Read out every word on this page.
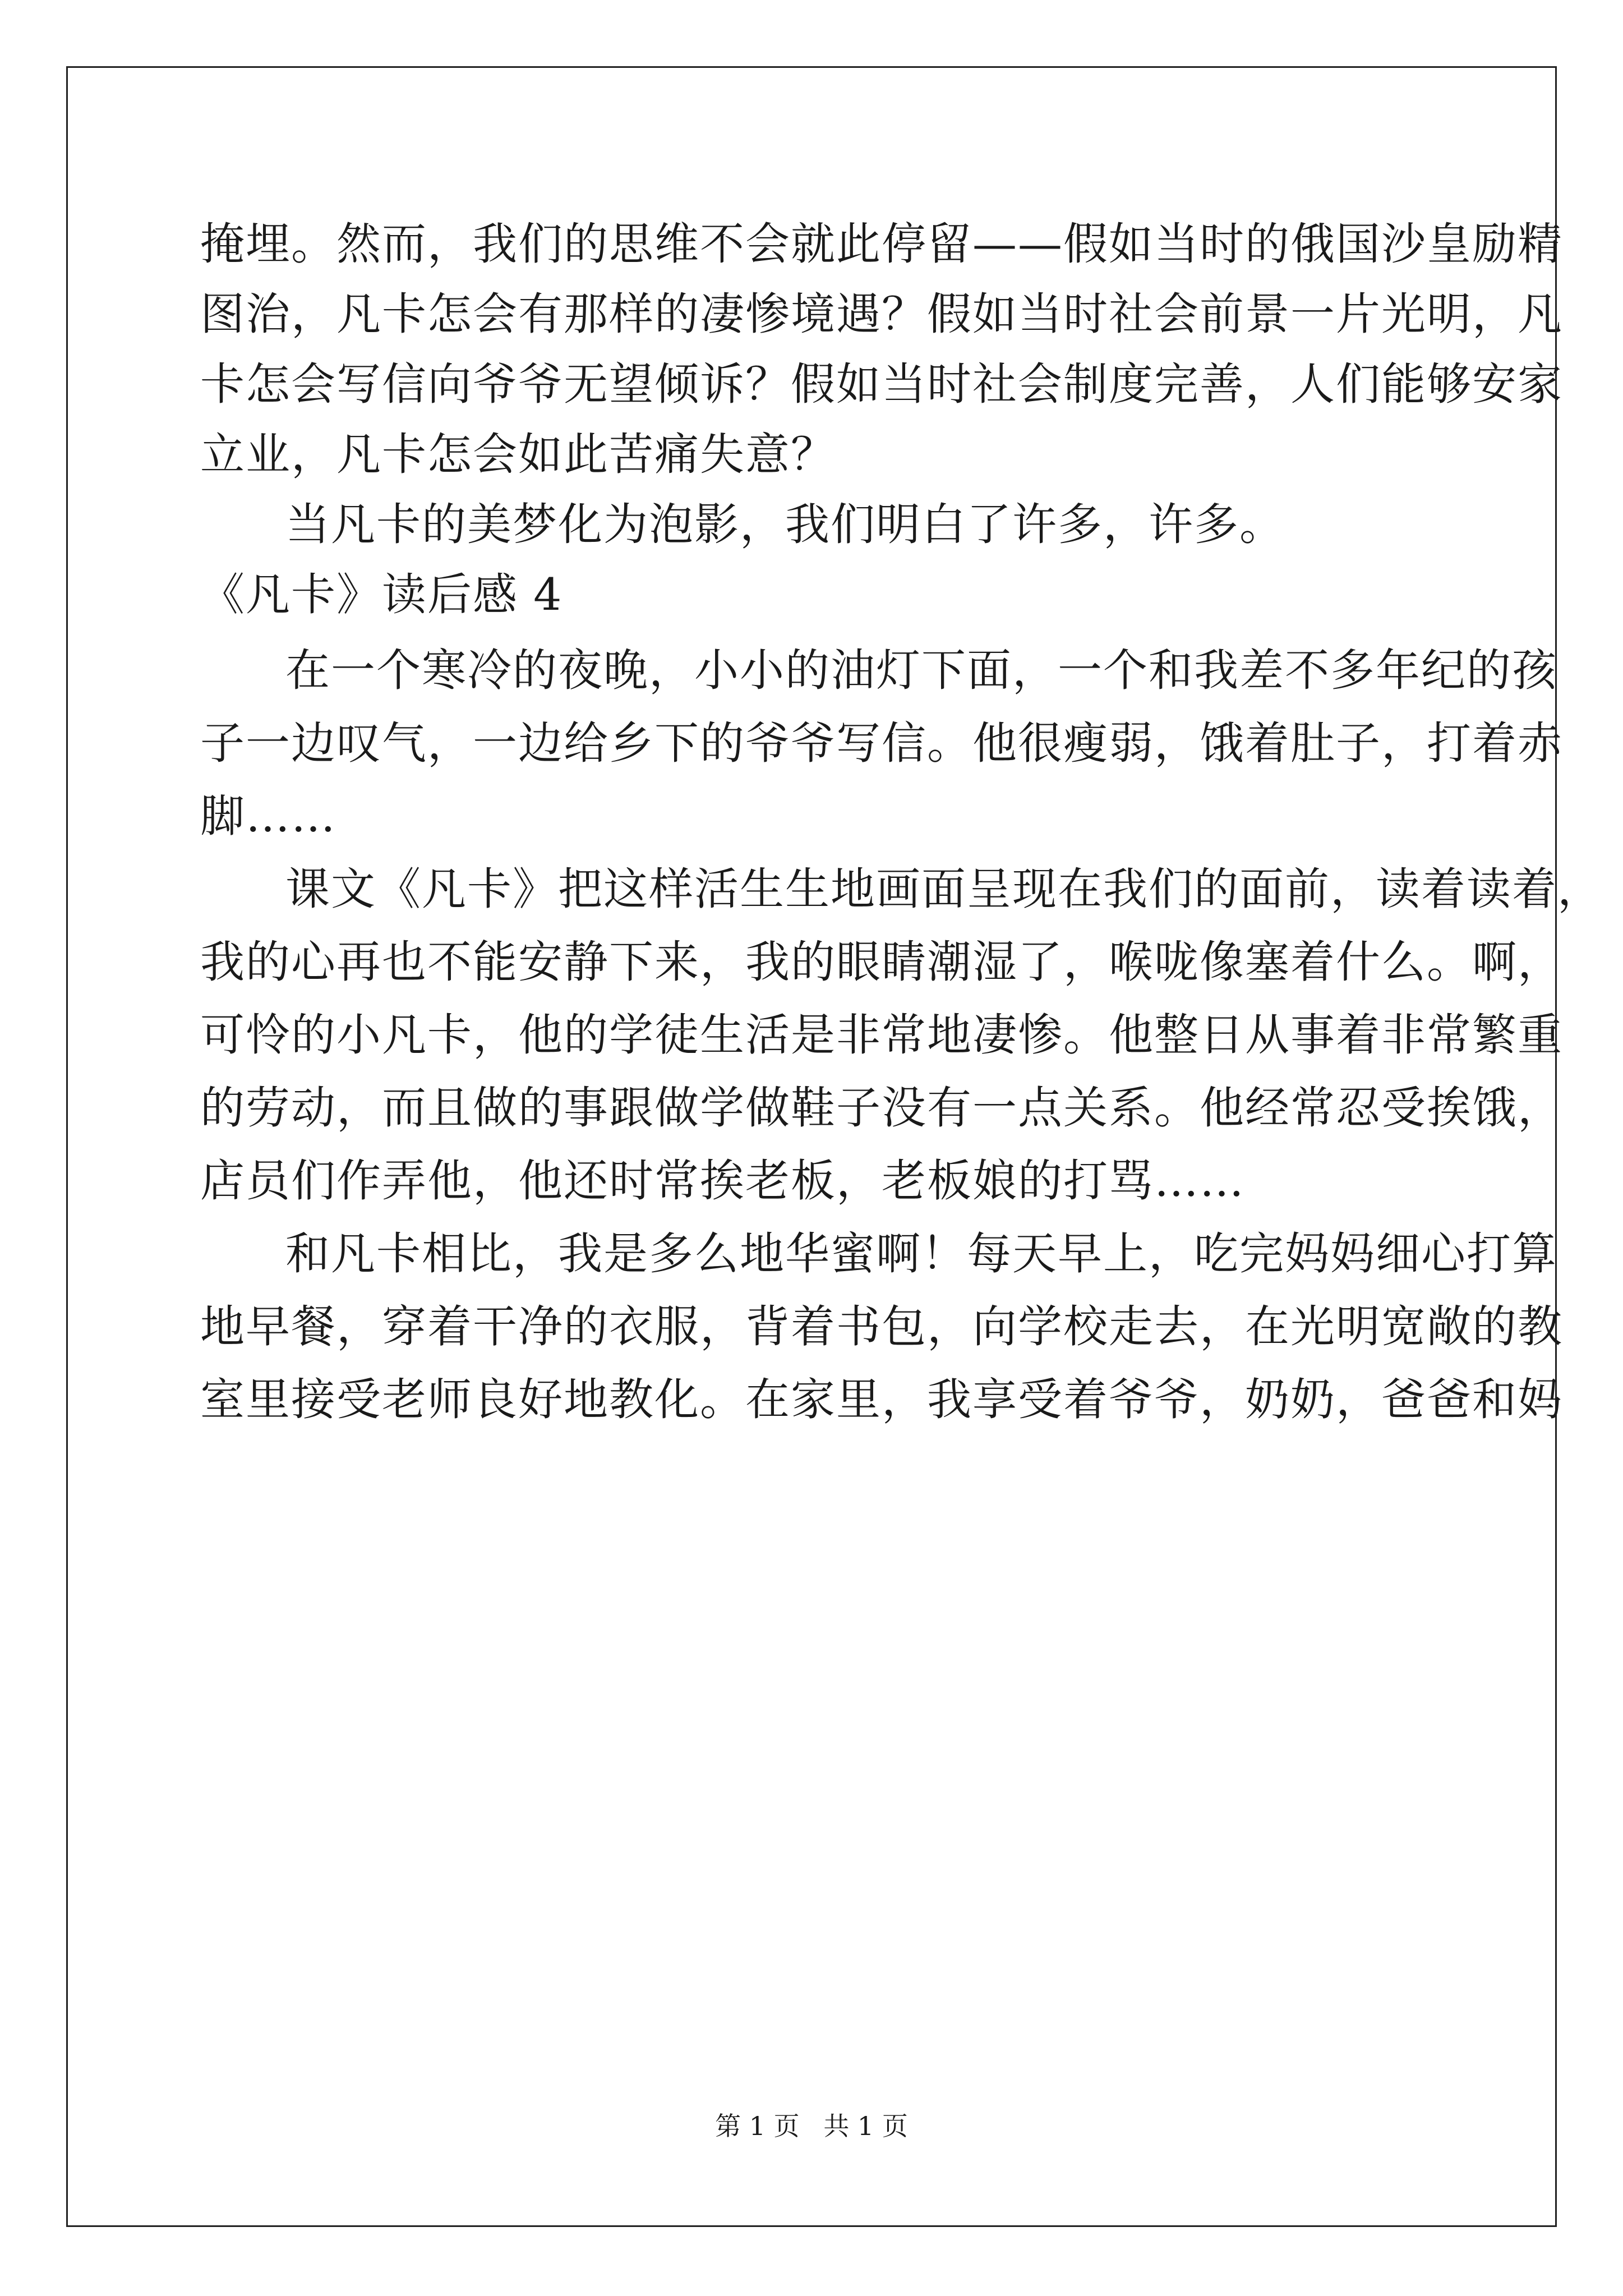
掩埋。然而，我们的思维不会就此停留——假如当时的俄国沙皇励精
图治，凡卡怎会有那样的凄惨境遇？假如当时社会前景一片光明，凡
卡怎会写信向爷爷无望倾诉？假如当时社会制度完善，人们能够安家
立业，凡卡怎会如此苦痛失意？
当凡卡的美梦化为泡影，我们明白了许多，许多。
《凡卡》读后感 4
在一个寒冷的夜晚，小小的油灯下面，一个和我差不多年纪的孩
子一边叹气，一边给乡下的爷爷写信。他很瘦弱，饿着肚子，打着赤
脚……
课文《凡卡》把这样活生生地画面呈现在我们的面前，读着读着，
我的心再也不能安静下来，我的眼睛潮湿了，喉咙像塞着什么。啊，
可怜的小凡卡，他的学徒生活是非常地凄惨。他整日从事着非常繁重
的劳动，而且做的事跟做学做鞋子没有一点关系。他经常忍受挨饿，
店员们作弄他，他还时常挨老板，老板娘的打骂……
和凡卡相比，我是多么地华蜜啊！每天早上，吃完妈妈细心打算
地早餐，穿着干净的衣服，背着书包，向学校走去，在光明宽敞的教
室里接受老师良好地教化。在家里，我享受着爷爷，奶奶，爸爸和妈
第 1 页 共 1 页
